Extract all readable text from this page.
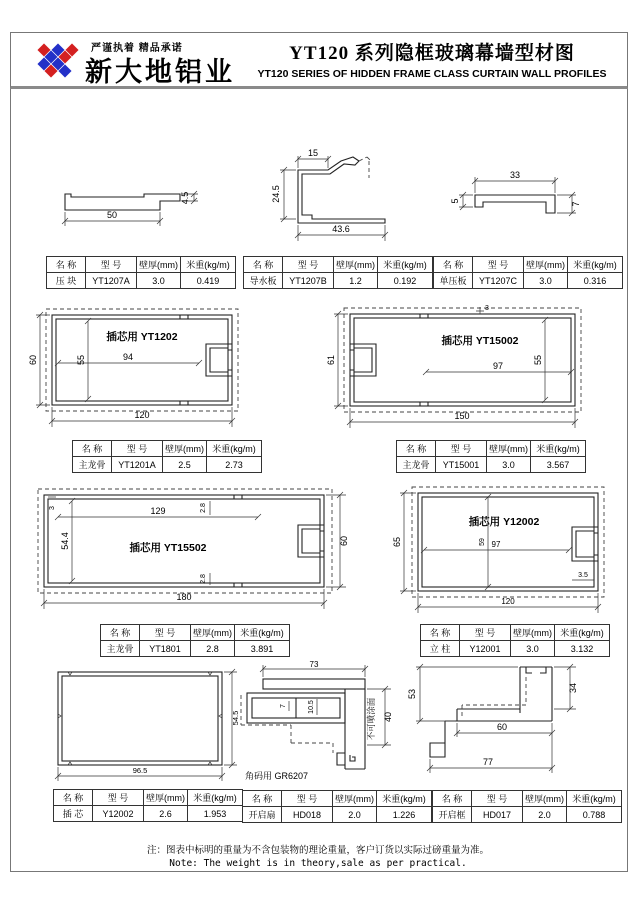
严谨执着 精品承诺
新大地铝业
YT120 系列隐框玻璃幕墙型材图
YT120 SERIES OF HIDDEN FRAME CLASS CURTAIN WALL PROFILES
50
4.5
15
24.5
43.6
33
5
7
插芯用 YT1202
60	55	94
120
插芯用 YT15002
3
61	55
97
150
插芯用 YT15502
3	129	2.8
54.4	60
2.8
180
插芯用 Y12002
65	59 97
3.5
120
54.5
96.5
73
7	10.5
40
不可喷涂面
角码用 GR6207
53
34
60
77
名 称	型 号	壁厚(mm)	米重(kg/m)
压 块	YT1207A	3.0	0.419
名 称	型 号	壁厚(mm)	米重(kg/m)
导水板	YT1207B	1.2	0.192
名 称	型 号	壁厚(mm)	米重(kg/m)
单压板	YT1207C	3.0	0.316
名 称	型 号	壁厚(mm)	米重(kg/m)
主龙骨	YT1201A	2.5	2.73
名 称	型 号	壁厚(mm)	米重(kg/m)
主龙骨	YT15001	3.0	3.567
名 称	型 号	壁厚(mm)	米重(kg/m)
主龙骨	YT1801	2.8	3.891
名 称	型 号	壁厚(mm)	米重(kg/m)
立 柱	Y12001	3.0	3.132
名 称	型 号	壁厚(mm)	米重(kg/m)
插 芯	Y12002	2.6	1.953
名 称	型 号	壁厚(mm)	米重(kg/m)
开启扇	HD018	2.0	1.226
名 称	型 号	壁厚(mm)	米重(kg/m)
开启框	HD017	2.0	0.788
注：图表中标明的重量为不含包装物的理论重量，客户订货以实际过磅重量为准。
Note: The weight is in theory,sale as per practical.
